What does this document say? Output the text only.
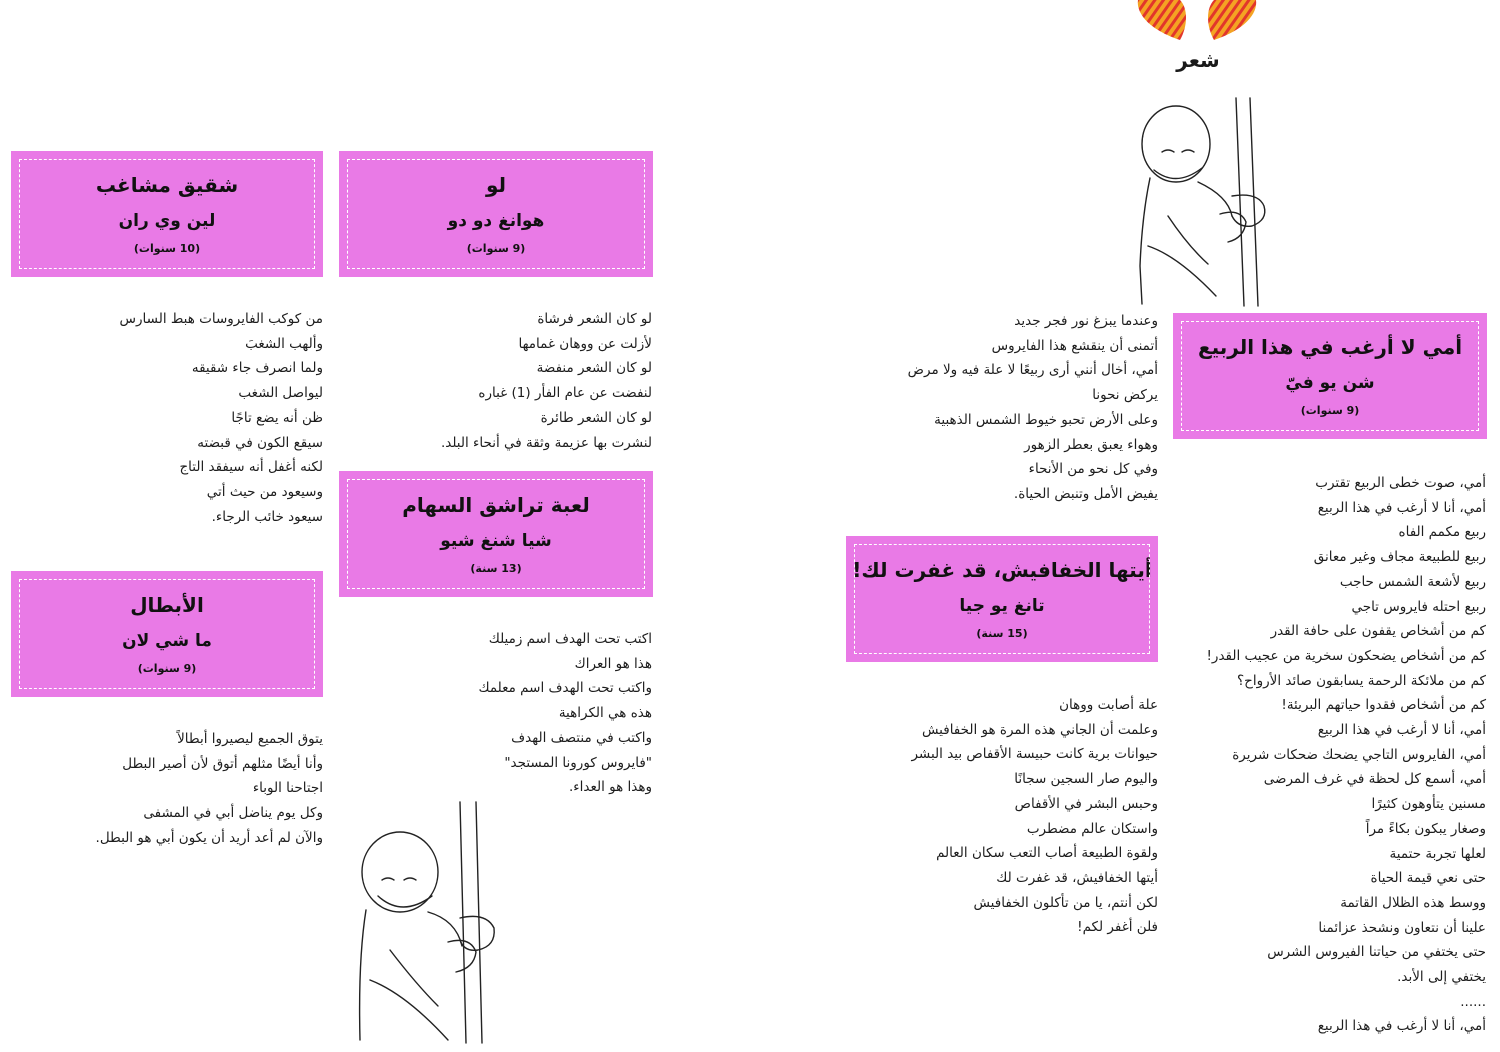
شعر
أمي لا أرغب في هذا الربيع
شن يو فيّ
(9 سنوات)
أمي، صوت خطى الربيع تقترب
أمي، أنا لا أرغب في هذا الربيع
ربيع مكمم الفاه
ربيع للطبيعة مجاف وغير معانق
ربيع لأشعة الشمس حاجب
ربيع احتله فايروس تاجي
كم من أشخاص يقفون على حافة القدر
كم من أشخاص يضحكون سخرية من عجيب القدر!
كم من ملائكة الرحمة يسابقون صائد الأرواح؟
كم من أشخاص فقدوا حياتهم البريئة!
أمي، أنا لا أرغب في هذا الربيع
أمي، الفايروس التاجي يضحك ضحكات شريرة
أمي، أسمع كل لحظة في غرف المرضى
مسنين يتأوهون كثيرًا
وصغار يبكون بكاءً مراً
لعلها تجربة حتمية
حتى نعي قيمة الحياة
ووسط هذه الظلال القاتمة
علينا أن نتعاون ونشحذ عزائمنا
حتى يختفي من حياتنا الفيروس الشرس
يختفي إلى الأبد.
......
أمي، أنا لا أرغب في هذا الربيع
وعندما يبزغ نور فجر جديد
أتمنى أن ينقشع هذا الفايروس
أمي، أخال أنني أرى ربيعًا لا علة فيه ولا مرض
يركض نحونا
وعلى الأرض تحبو خيوط الشمس الذهبية
وهواء يعبق بعطر الزهور
وفي كل نحو من الأنحاء
يفيض الأمل وتنبض الحياة.
أيتها الخفافيش، قد غفرت لك!
تانغ يو جيا
(15 سنة)
علة أصابت ووهان
وعلمت أن الجاني هذه المرة هو الخفافيش
حيوانات برية كانت حبيسة الأقفاص بيد البشر
واليوم صار السجين سجانًا
وحبس البشر في الأقفاص
واستكان عالم مضطرب
ولقوة الطبيعة أصاب التعب سكان العالم
أيتها الخفافيش، قد غفرت لك
لكن أنتم، يا من تأكلون الخفافيش
فلن أغفر لكم!
لو
هوانغ دو دو
(9 سنوات)
لو كان الشعر فرشاة
لأزلت عن ووهان غمامها
لو كان الشعر منفضة
لنفضت عن عام الفأر (1) غباره
لو كان الشعر طائرة
لنشرت بها عزيمة وثقة في أنحاء البلد.
لعبة تراشق السهام
شيا شنغ شيو
(13 سنة)
اكتب تحت الهدف اسم زميلك
هذا هو العراك
واكتب تحت الهدف اسم معلمك
هذه هي الكراهية
واكتب في منتصف الهدف
"فايروس كورونا المستجد"
وهذا هو العداء.
شقيق مشاغب
لين وي ران
(10 سنوات)
من كوكب الفايروسات هبط السارس
وألهب الشغبَ
ولما انصرف جاء شقيقه
ليواصل الشغب
ظن أنه يضع تاجًا
سيقع الكون في قبضته
لكنه أغفل أنه سيفقد التاج
وسيعود من حيث أتي
سيعود خائب الرجاء.
الأبطال
ما شي لان
(9 سنوات)
يتوق الجميع ليصيروا أبطالاً
وأنا أيضًا مثلهم أتوق لأن أصير البطل
اجتاحنا الوباء
وكل يوم يناضل أبي في المشفى
والآن لم أعد أريد أن يكون أبي هو البطل.
